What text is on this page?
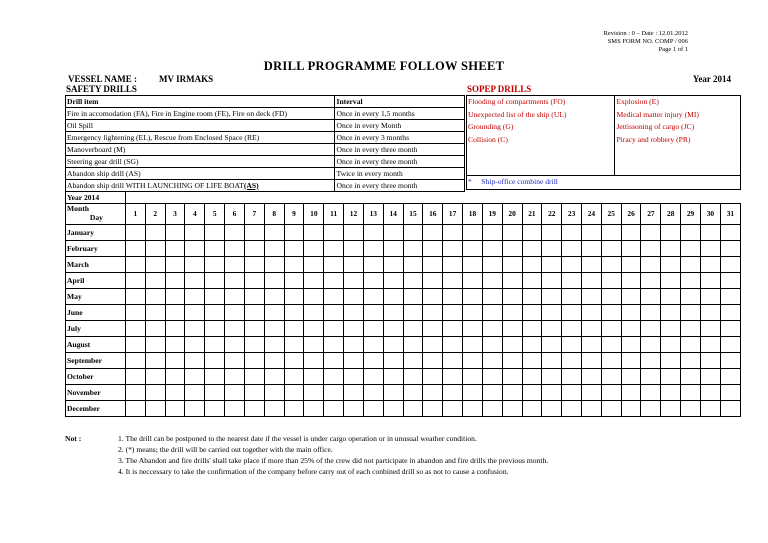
Revision : 0 – Date : 12.01.2012
SMS FORM NO. COMP / 006
Page 1 of 1
DRILL PROGRAMME FOLLOW SHEET
VESSEL NAME : MV IRMAKS	Year 2014
SAFETY DRILLS
Drill item	Interval
Fire in accomodation (FA), Fire in Engine room (FE), Fire on deck (FD)	Once in every 1,5 months
Oil Spill	Once in every Month
Emergency lightening (EL), Rescue from Enclosed Space (RE)	Once in every 3 months
Manoverboard (M)	Once in every three month
Steering gear drill (SG)	Once in every three month
Abandon ship drill (AS)	Twice in every month
Abandon ship drill WITH LAUNCHING OF LIFE BOAT(AS)	Once in every three month
SOPEP DRILLS
Flooding of compartments (FO)	Explosion (E)
Unexpected list of the ship (UL)	Medical matter injury (MI)
Grounding (G)	Jettissoning of cargo (JC)
Collision (C)	Piracy and robbery (PR)

* Ship-office combine drill	
Year 2014																															

Month
Day	1	2	3	4	5	6	7	8	9	10	11	12	13	14	15	16	17	18	19	20	21	22	23	24	25	26	27	28	29	30	31
January																															
February																															
March																															
April																															
May																															
June																															
July																															
August																															
September																															
October																															
November																															
December																															
Not :	1. The drill can be postponed to the nearest date if the vessel is under cargo operation or in unusual weather condition.
2. (*) means; the drill will be carried out together with the main office.
3. The Abandon and fire drills' shall take place if more than 25% of the crew did not participate in abandon and fire drills the previous month.
4. It is neccessary to take the confirmation of the company before carry out of each conbined drill so as not to cause a confusion.
